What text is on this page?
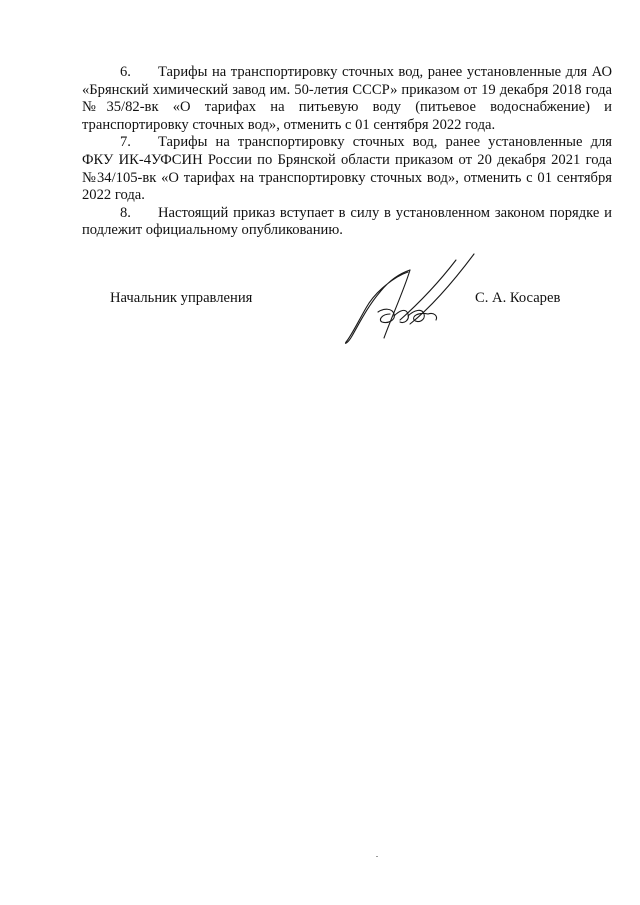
6. Тарифы на транспортировку сточных вод, ранее установленные для АО «Брянский химический завод им. 50-летия СССР» приказом от 19 декабря 2018 года №35/82-вк «О тарифах на питьевую воду (питьевое водоснабжение) и транспортировку сточных вод», отменить с 01 сентября 2022 года.

7. Тарифы на транспортировку сточных вод, ранее установленные для ФКУ ИК-4УФСИН России по Брянской области приказом от 20 декабря 2021 года №34/105-вк «О тарифах на транспортировку сточных вод», отменить с 01 сентября 2022 года.

8. Настоящий приказ вступает в силу в установленном законом порядке и подлежит официальному опубликованию.

Начальник управления	С. А. Косарев
